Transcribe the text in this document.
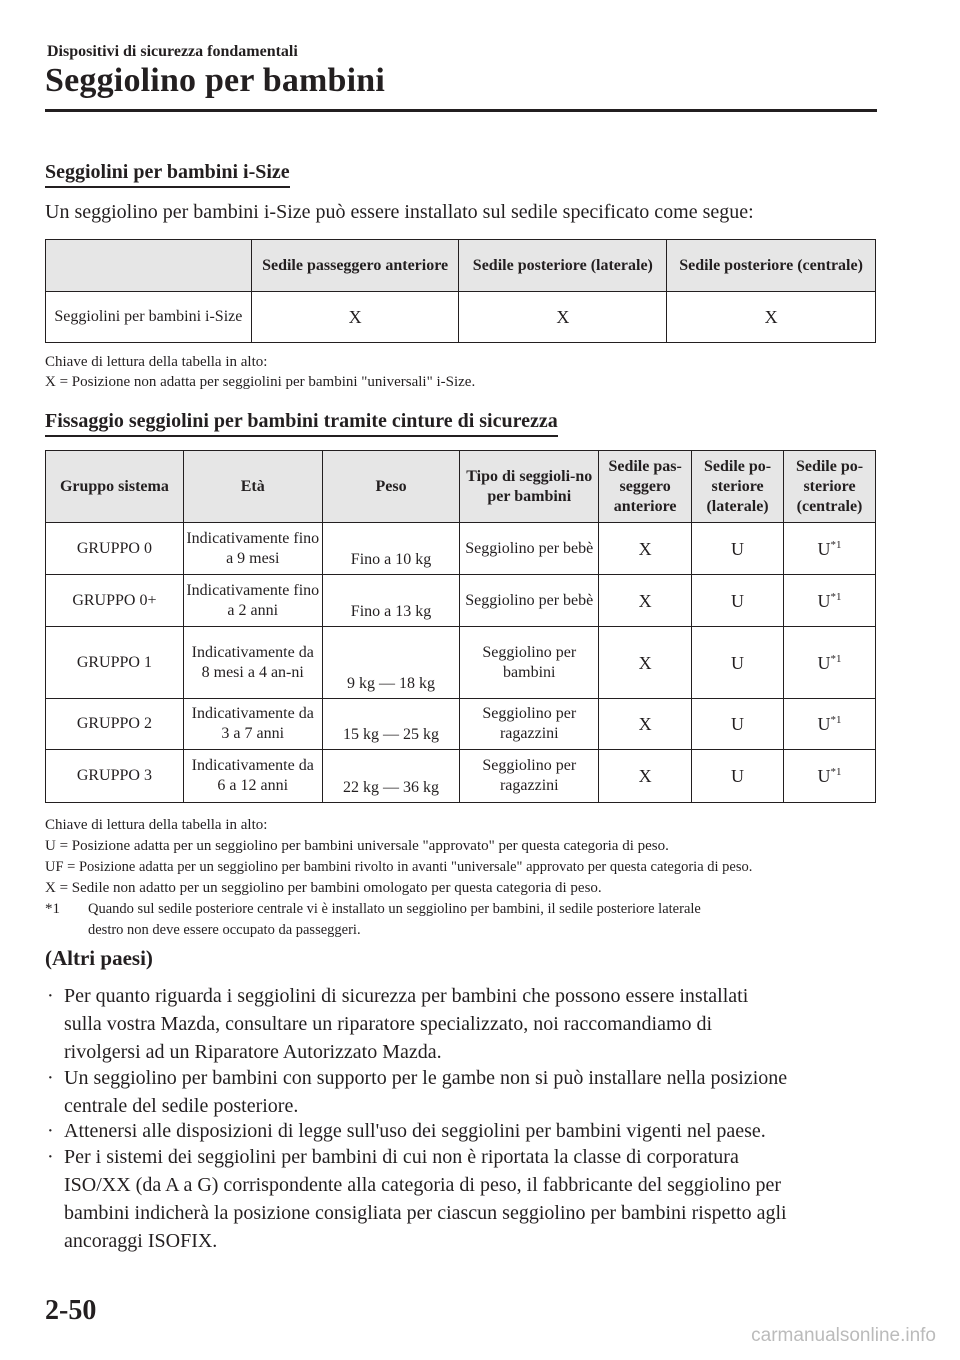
Dispositivi di sicurezza fondamentali
Seggiolino per bambini
Seggiolini per bambini i-Size
Un seggiolino per bambini i-Size può essere installato sul sedile specificato come segue:
	Sedile passeggero anteriore	Sedile posteriore (laterale)	Sedile posteriore (centrale)
Seggiolini per bambini i-Size	X	X	X
Chiave di lettura della tabella in alto:
X = Posizione non adatta per seggiolini per bambini "universali" i-Size.
Fissaggio seggiolini per bambini tramite cinture di sicurezza
Gruppo sistema	Età	Peso	Tipo di seggioli-no per bambini	Sedile pas-seggero anteriore	Sedile po-steriore (laterale)	Sedile po-steriore (centrale)
GRUPPO 0	Indicativamente fino a 9 mesi	Fino a 10 kg	Seggiolino per bebè	X	U	$U^{*1}$
GRUPPO 0+	Indicativamente fino a 2 anni	Fino a 13 kg	Seggiolino per bebè	X	U	$U^{*1}$
GRUPPO 1	Indicativamente da 8 mesi a 4 an-ni	9 kg — 18 kg	Seggiolino per bambini	X	U	$U^{*1}$
GRUPPO 2	Indicativamente da 3 a 7 anni	15 kg — 25 kg	Seggiolino per ragazzini	X	U	$U^{*1}$
GRUPPO 3	Indicativamente da 6 a 12 anni	22 kg — 36 kg	Seggiolino per ragazzini	X	U	$U^{*1}$
Chiave di lettura della tabella in alto:
U = Posizione adatta per un seggiolino per bambini universale "approvato" per questa categoria di peso.
UF = Posizione adatta per un seggiolino per bambini rivolto in avanti "universale" approvato per questa categoria di peso.
X = Sedile non adatto per un seggiolino per bambini omologato per questa categoria di peso.
*1 Quando sul sedile posteriore centrale vi è installato un seggiolino per bambini, il sedile posteriore laterale
destro non deve essere occupato da passeggeri.
(Altri paesi)
· Per quanto riguarda i seggiolini di sicurezza per bambini che possono essere installati
sulla vostra Mazda, consultare un riparatore specializzato, noi raccomandiamo di
rivolgersi ad un Riparatore Autorizzato Mazda.
· Un seggiolino per bambini con supporto per le gambe non si può installare nella posizione
centrale del sedile posteriore.
· Attenersi alle disposizioni di legge sull'uso dei seggiolini per bambini vigenti nel paese.
· Per i sistemi dei seggiolini per bambini di cui non è riportata la classe di corporatura
ISO/XX (da A a G) corrispondente alla categoria di peso, il fabbricante del seggiolino per
bambini indicherà la posizione consigliata per ciascun seggiolino per bambini rispetto agli
ancoraggi ISOFIX.
2-50
carmanualsonline.info
